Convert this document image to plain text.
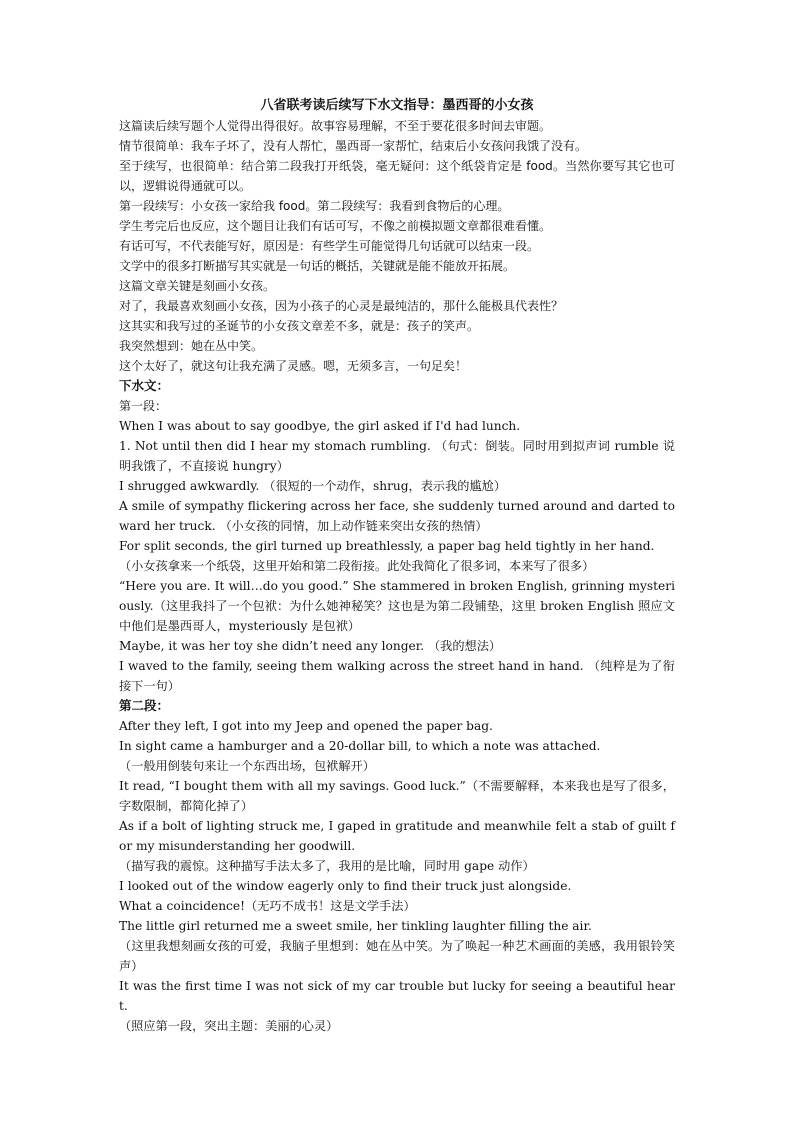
八省联考读后续写下水文指导：墨西哥的小女孩

这篇读后续写题个人觉得出得很好。故事容易理解，不至于要花很多时间去审题。

情节很简单：我车子坏了，没有人帮忙，墨西哥一家帮忙，结束后小女孩问我饿了没有。

至于续写，也很简单：结合第二段我打开纸袋，毫无疑问：这个纸袋肯定是 food。当然你要写其它也可以，逻辑说得通就可以。

第一段续写：小女孩一家给我 food。第二段续写：我看到食物后的心理。

学生考完后也反应，这个题目让我们有话可写，不像之前模拟题文章都很难看懂。

有话可写，不代表能写好，原因是：有些学生可能觉得几句话就可以结束一段。

文学中的很多打断描写其实就是一句话的概括，关键就是能不能放开拓展。

这篇文章关键是刻画小女孩。

对了，我最喜欢刻画小女孩，因为小孩子的心灵是最纯洁的，那什么能极具代表性？

这其实和我写过的圣诞节的小女孩文章差不多，就是：孩子的笑声。

我突然想到：她在丛中笑。

这个太好了，就这句让我充满了灵感。嗯，无须多言，一句足矣！

下水文：

第一段：

When I was about to say goodbye, the girl asked if I'd had lunch.

1. Not until then did I hear my stomach rumbling. （句式：倒装。同时用到拟声词 rumble 说明我饿了，不直接说 hungry）

I shrugged awkwardly. （很短的一个动作，shrug，表示我的尴尬）

A smile of sympathy flickering across her face, she suddenly turned around and darted toward her truck. （小女孩的同情，加上动作链来突出女孩的热情）

For split seconds, the girl turned up breathlessly, a paper bag held tightly in her hand.

（小女孩拿来一个纸袋，这里开始和第二段衔接。此处我简化了很多词，本来写了很多）

“Here you are. It will…do you good.” She stammered in broken English, grinning mysteriously.（这里我抖了一个包袱：为什么她神秘笑？这也是为第二段铺垫，这里 broken English 照应文中他们是墨西哥人，mysteriously 是包袱）

Maybe, it was her toy she didn’t need any longer. （我的想法）

I waved to the family, seeing them walking across the street hand in hand. （纯粹是为了衔接下一句）

第二段：

After they left, I got into my Jeep and opened the paper bag.

In sight came a hamburger and a 20-dollar bill, to which a note was attached.

（一般用倒装句来让一个东西出场，包袱解开）

It read, “I bought them with all my savings. Good luck.”（不需要解释，本来我也是写了很多，字数限制，都简化掉了）

As if a bolt of lighting struck me, I gaped in gratitude and meanwhile felt a stab of guilt for my misunderstanding her goodwill.

（描写我的震惊。这种描写手法太多了，我用的是比喻，同时用 gape 动作）

I looked out of the window eagerly only to find their truck just alongside.

What a coincidence!（无巧不成书！这是文学手法）

The little girl returned me a sweet smile, her tinkling laughter filling the air.

（这里我想刻画女孩的可爱，我脑子里想到：她在丛中笑。为了唤起一种艺术画面的美感，我用银铃笑声）

It was the first time I was not sick of my car trouble but lucky for seeing a beautiful heart.

（照应第一段，突出主题：美丽的心灵）
